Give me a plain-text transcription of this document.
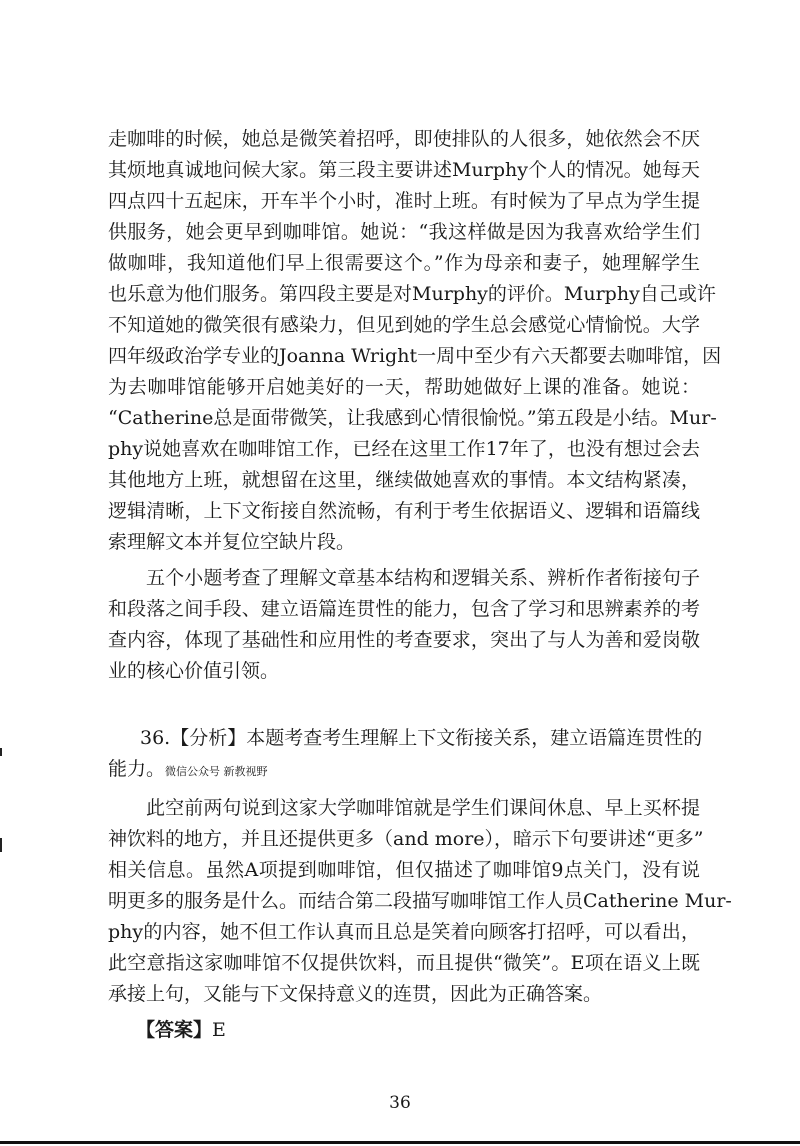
走咖啡的时候，她总是微笑着招呼，即使排队的人很多，她依然会不厌
其烦地真诚地问候大家。第三段主要讲述Murphy个人的情况。她每天
四点四十五起床，开车半个小时，准时上班。有时候为了早点为学生提
供服务，她会更早到咖啡馆。她说：“我这样做是因为我喜欢给学生们
做咖啡，我知道他们早上很需要这个。”作为母亲和妻子，她理解学生
也乐意为他们服务。第四段主要是对Murphy的评价。Murphy自己或许
不知道她的微笑很有感染力，但见到她的学生总会感觉心情愉悦。大学
四年级政治学专业的Joanna Wright一周中至少有六天都要去咖啡馆，因
为去咖啡馆能够开启她美好的一天，帮助她做好上课的准备。她说：
“Catherine总是面带微笑，让我感到心情很愉悦。”第五段是小结。Mur-
phy说她喜欢在咖啡馆工作，已经在这里工作17年了，也没有想过会去
其他地方上班，就想留在这里，继续做她喜欢的事情。本文结构紧凑，
逻辑清晰，上下文衔接自然流畅，有利于考生依据语义、逻辑和语篇线
索理解文本并复位空缺片段。
五个小题考查了理解文章基本结构和逻辑关系、辨析作者衔接句子
和段落之间手段、建立语篇连贯性的能力，包含了学习和思辨素养的考
查内容，体现了基础性和应用性的考查要求，突出了与人为善和爱岗敬
业的核心价值引领。
36.【分析】本题考查考生理解上下文衔接关系，建立语篇连贯性的
能力。微信公众号 新教视野
此空前两句说到这家大学咖啡馆就是学生们课间休息、早上买杯提
神饮料的地方，并且还提供更多（and more），暗示下句要讲述“更多”
相关信息。虽然A项提到咖啡馆，但仅描述了咖啡馆9点关门，没有说
明更多的服务是什么。而结合第二段描写咖啡馆工作人员Catherine Mur-
phy的内容，她不但工作认真而且总是笑着向顾客打招呼，可以看出，
此空意指这家咖啡馆不仅提供饮料，而且提供“微笑”。E项在语义上既
承接上句，又能与下文保持意义的连贯，因此为正确答案。
【答案】E
36
